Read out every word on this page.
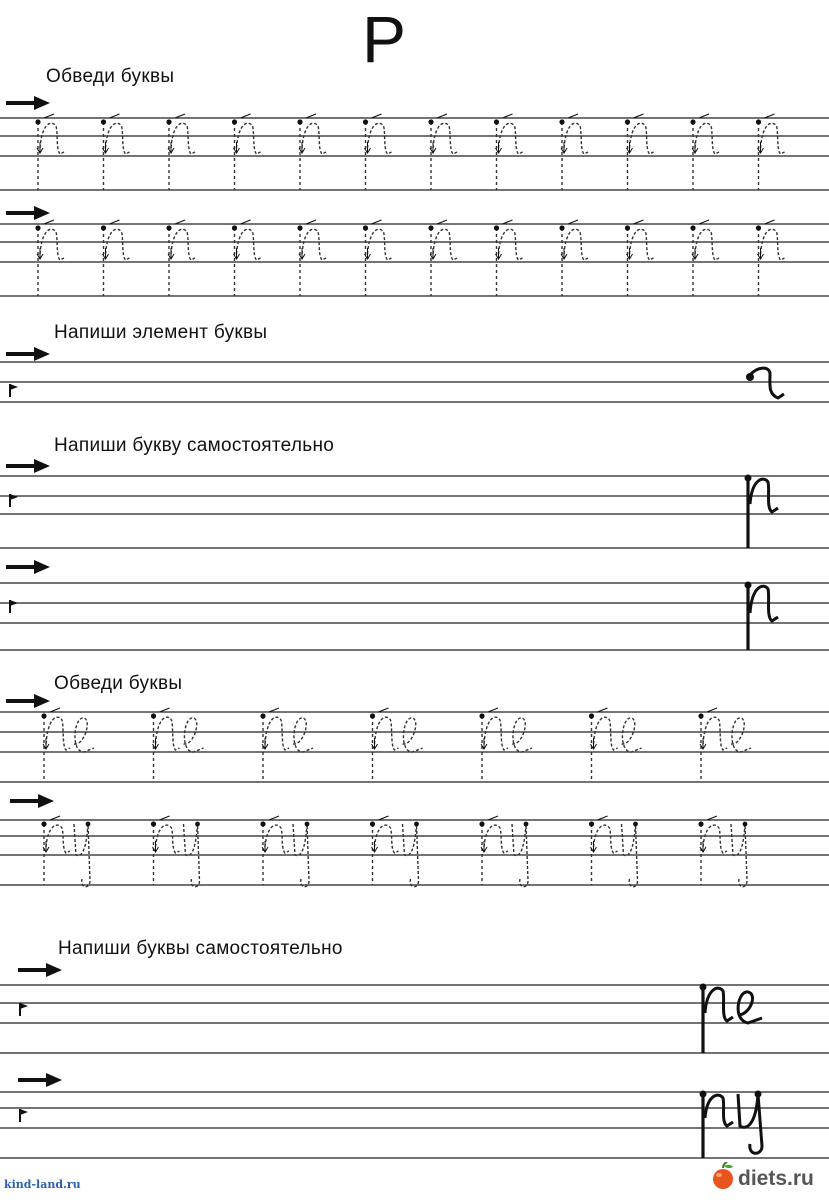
Р
Обведи буквы
Напиши элемент буквы
Напиши букву самостоятельно
Обведи буквы
Напиши буквы самостоятельно
kind-land.ru	diets.ru
